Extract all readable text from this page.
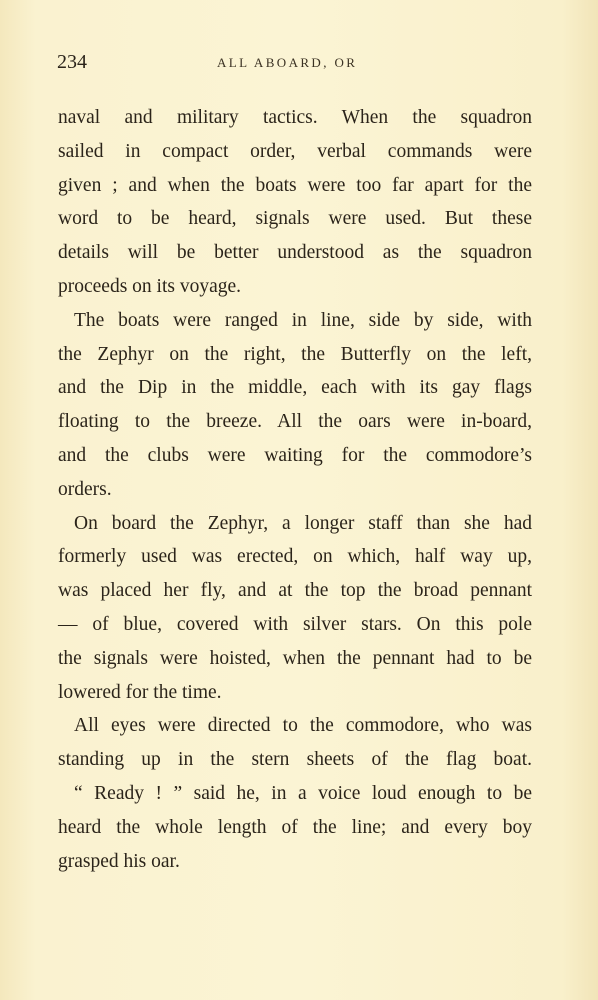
234	ALL ABOARD, OR
naval and military tactics. When the squadron
sailed in compact order, verbal commands were
given ; and when the boats were too far apart for the
word to be heard, signals were used. But these
details will be better understood as the squadron
proceeds on its voyage.
The boats were ranged in line, side by side, with
the Zephyr on the right, the Butterfly on the left,
and the Dip in the middle, each with its gay flags
floating to the breeze. All the oars were in-board,
and the clubs were waiting for the commodore’s
orders.
On board the Zephyr, a longer staff than she had
formerly used was erected, on which, half way up,
was placed her fly, and at the top the broad pennant
— of blue, covered with silver stars. On this pole
the signals were hoisted, when the pennant had to be
lowered for the time.
All eyes were directed to the commodore, who was
standing up in the stern sheets of the flag boat.
“ Ready ! ” said he, in a voice loud enough to be
heard the whole length of the line; and every boy
grasped his oar.
